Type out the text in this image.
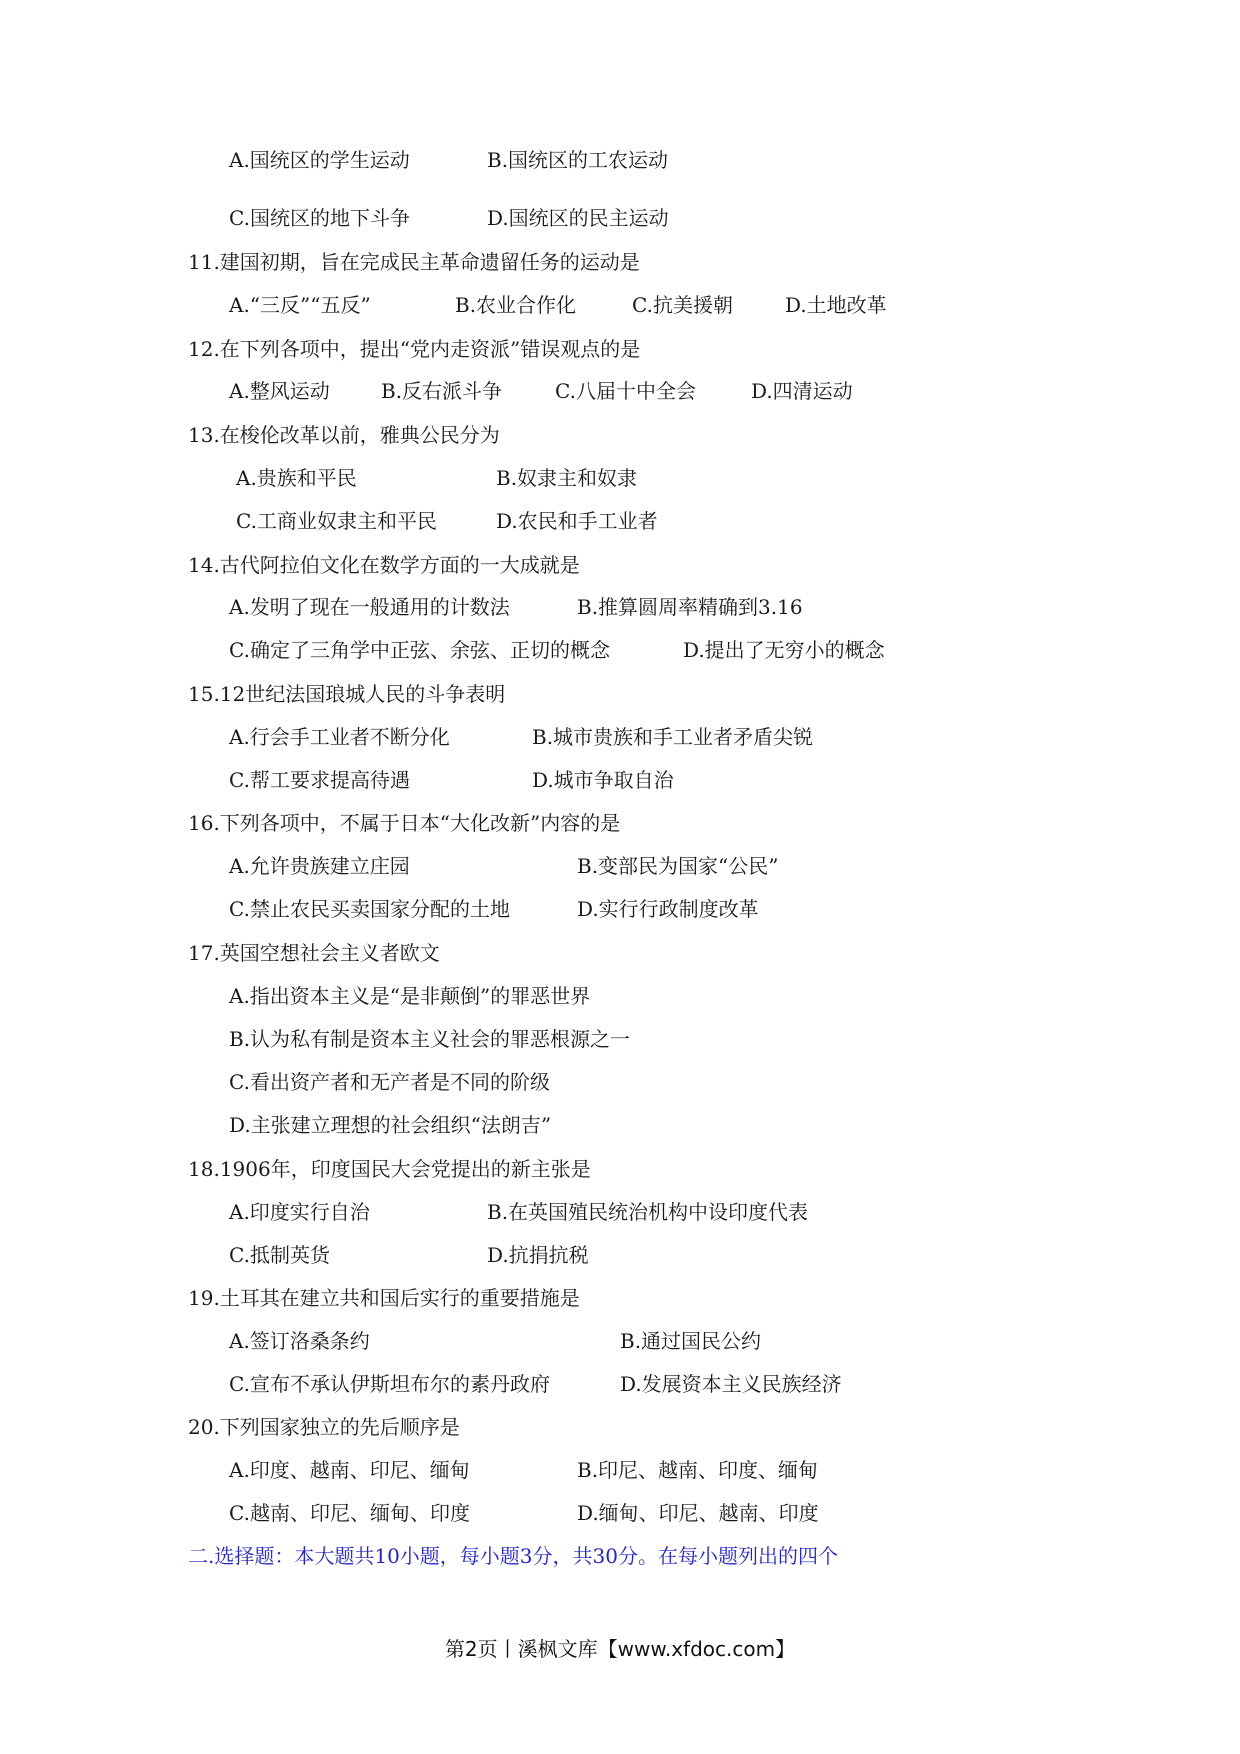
A.国统区的学生运动	B.国统区的工农运动
C.国统区的地下斗争	D.国统区的民主运动
11.建国初期，旨在完成民主革命遗留任务的运动是
A.“三反”“五反”	B.农业合作化	C.抗美援朝	D.土地改革
12.在下列各项中，提出“党内走资派”错误观点的是
A.整风运动	B.反右派斗争	C.八届十中全会	D.四清运动
13.在梭伦改革以前，雅典公民分为
A.贵族和平民	B.奴隶主和奴隶
C.工商业奴隶主和平民	D.农民和手工业者
14.古代阿拉伯文化在数学方面的一大成就是
A.发明了现在一般通用的计数法	B.推算圆周率精确到3.16
C.确定了三角学中正弦、余弦、正切的概念	D.提出了无穷小的概念
15.12世纪法国琅城人民的斗争表明
A.行会手工业者不断分化	B.城市贵族和手工业者矛盾尖锐
C.帮工要求提高待遇	D.城市争取自治
16.下列各项中，不属于日本“大化改新”内容的是
A.允许贵族建立庄园	B.变部民为国家“公民”
C.禁止农民买卖国家分配的土地	D.实行行政制度改革
17.英国空想社会主义者欧文
A.指出资本主义是“是非颠倒”的罪恶世界
B.认为私有制是资本主义社会的罪恶根源之一
C.看出资产者和无产者是不同的阶级
D.主张建立理想的社会组织“法朗吉”
18.1906年，印度国民大会党提出的新主张是
A.印度实行自治	B.在英国殖民统治机构中设印度代表
C.抵制英货	D.抗捐抗税
19.土耳其在建立共和国后实行的重要措施是
A.签订洛桑条约	B.通过国民公约
C.宣布不承认伊斯坦布尔的素丹政府	D.发展资本主义民族经济
20.下列国家独立的先后顺序是
A.印度、越南、印尼、缅甸	B.印尼、越南、印度、缅甸
C.越南、印尼、缅甸、印度	D.缅甸、印尼、越南、印度
二.选择题：本大题共10小题，每小题3分，共30分。在每小题列出的四个
第2页丨溪枫文库【www.xfdoc.com】
